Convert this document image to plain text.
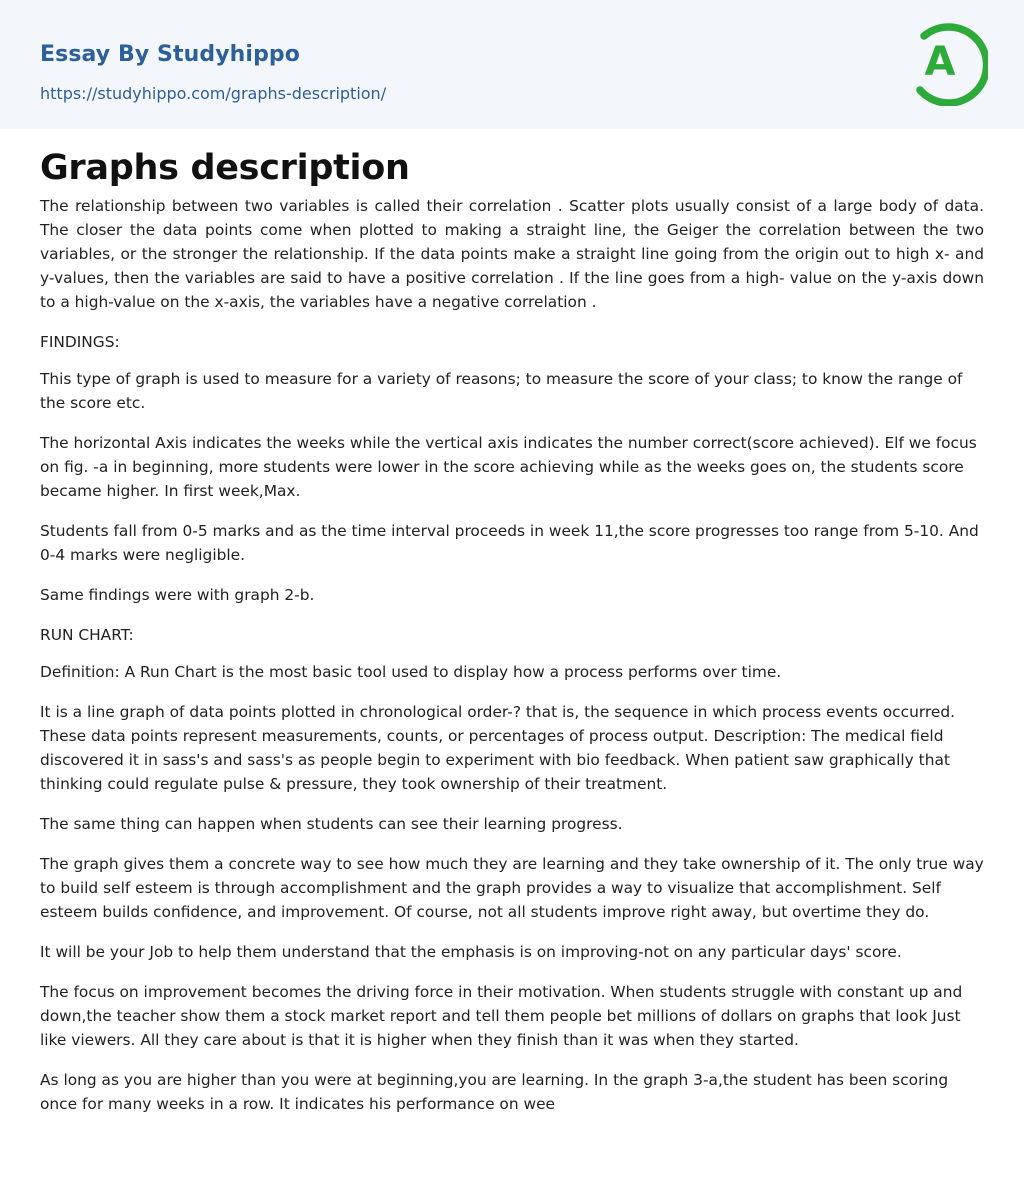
Essay By Studyhippo
https://studyhippo.com/graphs-description/
A
Graphs description

The relationship between two variables is called their correlation . Scatter plots usually consist of a large body of data. The closer the data points come when plotted to making a straight line, the Geiger the correlation between the two variables, or the stronger the relationship. If the data points make a straight line going from the origin out to high x- and y-values, then the variables are said to have a positive correlation . If the line goes from a high- value on the y-axis down to a high-value on the x-axis, the variables have a negative correlation .

FINDINGS:

This type of graph is used to measure for a variety of reasons; to measure the score of your class; to know the range of the score etc.

The horizontal Axis indicates the weeks while the vertical axis indicates the number correct(score achieved). Elf we focus on fig. -a in beginning, more students were lower in the score achieving while as the weeks goes on, the students score became higher. In first week,Max.

Students fall from 0-5 marks and as the time interval proceeds in week 11,the score progresses too range from 5-10. And 0-4 marks were negligible.

Same findings were with graph 2-b.

RUN CHART:

Definition: A Run Chart is the most basic tool used to display how a process performs over time.

It is a line graph of data points plotted in chronological order-? that is, the sequence in which process events occurred. These data points represent measurements, counts, or percentages of process output. Description: The medical field discovered it in sass's and sass's as people begin to experiment with bio feedback. When patient saw graphically that thinking could regulate pulse & pressure, they took ownership of their treatment.

The same thing can happen when students can see their learning progress.

The graph gives them a concrete way to see how much they are learning and they take ownership of it. The only true way to build self esteem is through accomplishment and the graph provides a way to visualize that accomplishment. Self esteem builds confidence, and improvement. Of course, not all students improve right away, but overtime they do.

It will be your Job to help them understand that the emphasis is on improving-not on any particular days' score.

The focus on improvement becomes the driving force in their motivation. When students struggle with constant up and down,the teacher show them a stock market report and tell them people bet millions of dollars on graphs that look Just like viewers. All they care about is that it is higher when they finish than it was when they started.

As long as you are higher than you were at beginning,you are learning. In the graph 3-a,the student has been scoring once for many weeks in a row. It indicates his performance on wee
